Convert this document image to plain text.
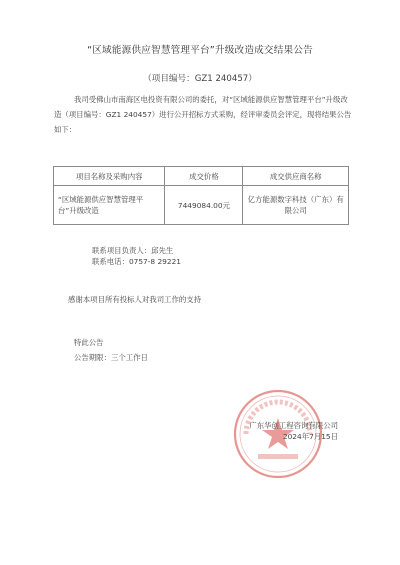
“区域能源供应智慧管理平台”升级改造成交结果公告
（项目编号：GZ1 240457）
我司受佛山市南海区电投资有限公司的委托，对“区域能源供应智慧管理平台”升级改造（项目编号：GZ1 240457）进行公开招标方式采购，经评审委员会评定，现将结果公告如下：
项目名称及采购内容	成交价格	成交供应商名称
“区域能源供应智慧管理平台”升级改造	7449084.00元	亿方能源数字科技（广东）有限公司
联系项目负责人：邱先生
联系电话：0757-8 29221
感谢本项目所有投标人对我司工作的支持
特此公告
公告期限：三个工作日
广东华创工程咨询有限公司
2024年7月15日
